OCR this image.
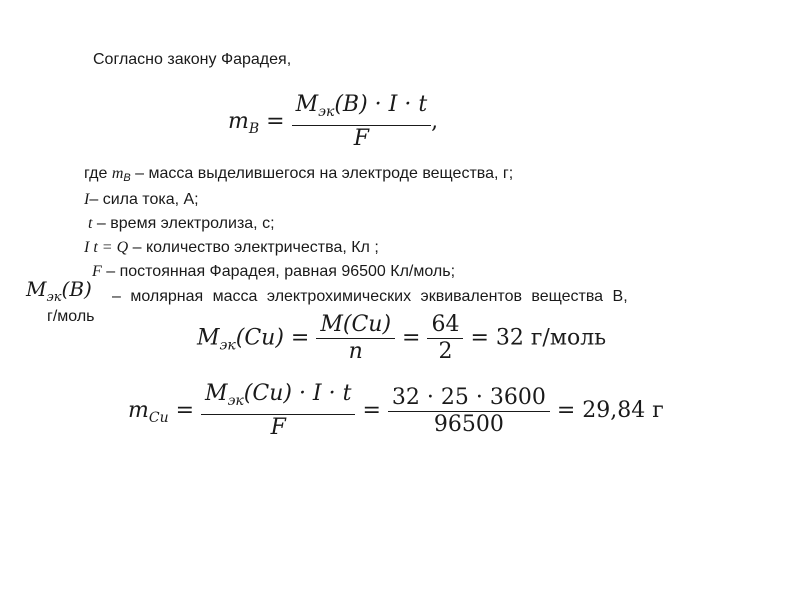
Согласно закону Фарадея,
$m_B = \frac{M_{эк}(B) \cdot I \cdot t}{F}$ ,
где $m_B$ – масса выделившегося на электроде вещества, г;
I– сила тока, А;
t – время электролиза, с;
I t = Q – количество электричества, Кл ;
F – постоянная Фарадея, равная 96500 Кл/моль;
$M_{эк}(B)$ – молярная масса электрохимических эквивалентов вещества B,
г/моль
$M_{эк}(Cu) = \frac{M(Cu)}{n} = \frac{64}{2} = 32$ г/моль
$m_{Cu} = \frac{M_{эк}(Cu) \cdot I \cdot t}{F} = \frac{32 \cdot 25 \cdot 3600}{96500} = 29,84$ г
